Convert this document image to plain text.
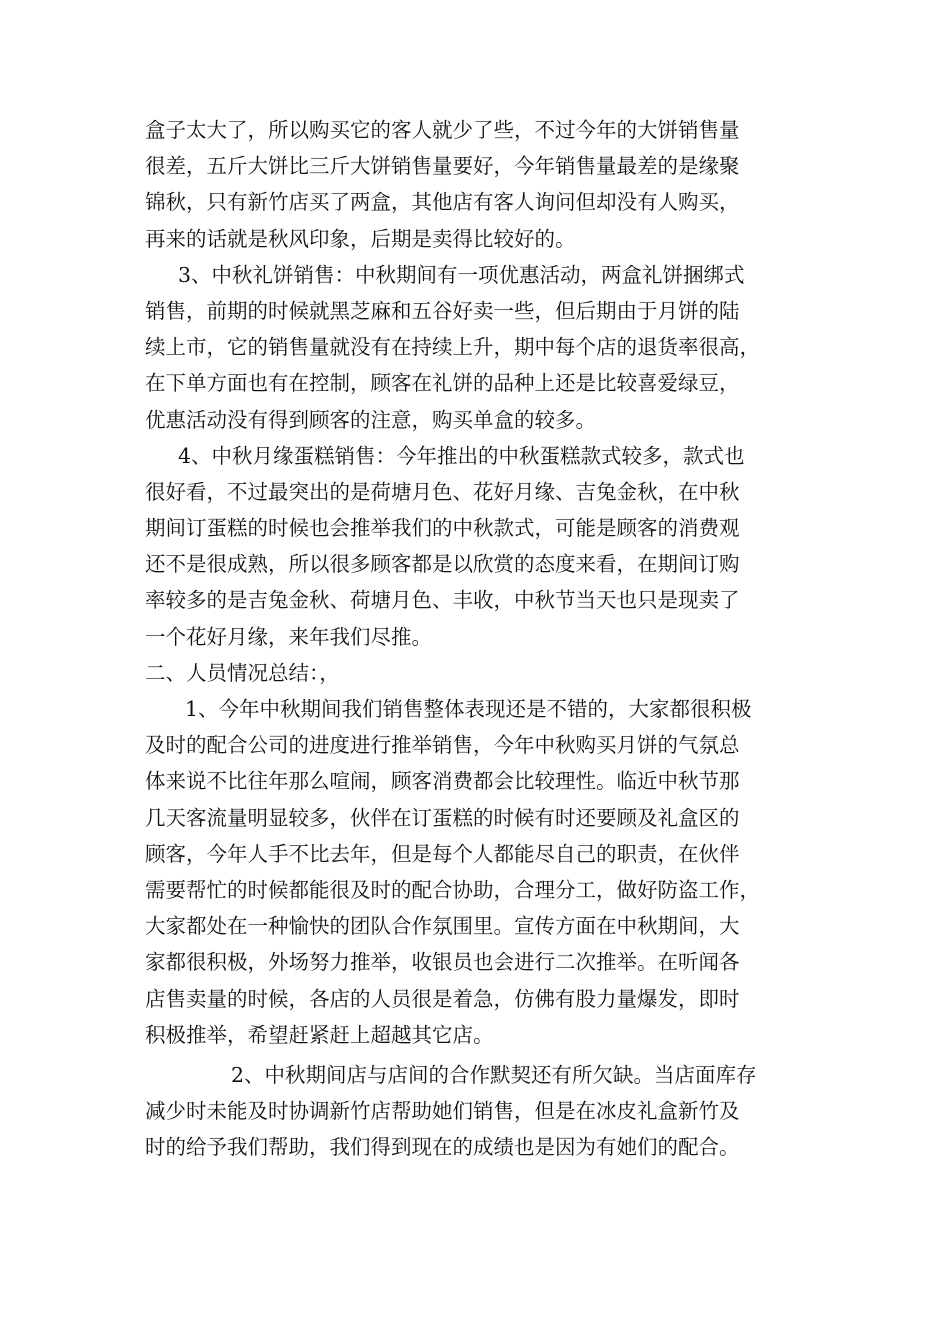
盒子太大了，所以购买它的客人就少了些，不过今年的大饼销售量
很差，五斤大饼比三斤大饼销售量要好，今年销售量最差的是缘聚
锦秋，只有新竹店买了两盒，其他店有客人询问但却没有人购买，
再来的话就是秋风印象，后期是卖得比较好的。
3、中秋礼饼销售：中秋期间有一项优惠活动，两盒礼饼捆绑式
销售，前期的时候就黑芝麻和五谷好卖一些，但后期由于月饼的陆
续上市，它的销售量就没有在持续上升，期中每个店的退货率很高，
在下单方面也有在控制，顾客在礼饼的品种上还是比较喜爱绿豆，
优惠活动没有得到顾客的注意，购买单盒的较多。
4、中秋月缘蛋糕销售：今年推出的中秋蛋糕款式较多，款式也
很好看，不过最突出的是荷塘月色、花好月缘、吉兔金秋，在中秋
期间订蛋糕的时候也会推举我们的中秋款式，可能是顾客的消费观
还不是很成熟，所以很多顾客都是以欣赏的态度来看，在期间订购
率较多的是吉兔金秋、荷塘月色、丰收，中秋节当天也只是现卖了
一个花好月缘，来年我们尽推。
二、人员情况总结：，
1、今年中秋期间我们销售整体表现还是不错的，大家都很积极
及时的配合公司的进度进行推举销售，今年中秋购买月饼的气氛总
体来说不比往年那么喧闹，顾客消费都会比较理性。临近中秋节那
几天客流量明显较多，伙伴在订蛋糕的时候有时还要顾及礼盒区的
顾客，今年人手不比去年，但是每个人都能尽自己的职责，在伙伴
需要帮忙的时候都能很及时的配合协助，合理分工，做好防盗工作，
大家都处在一种愉快的团队合作氛围里。宣传方面在中秋期间，大
家都很积极，外场努力推举，收银员也会进行二次推举。在听闻各
店售卖量的时候，各店的人员很是着急，仿佛有股力量爆发，即时
积极推举，希望赶紧赶上超越其它店。
2、中秋期间店与店间的合作默契还有所欠缺。当店面库存
减少时未能及时协调新竹店帮助她们销售，但是在冰皮礼盒新竹及
时的给予我们帮助，我们得到现在的成绩也是因为有她们的配合。
